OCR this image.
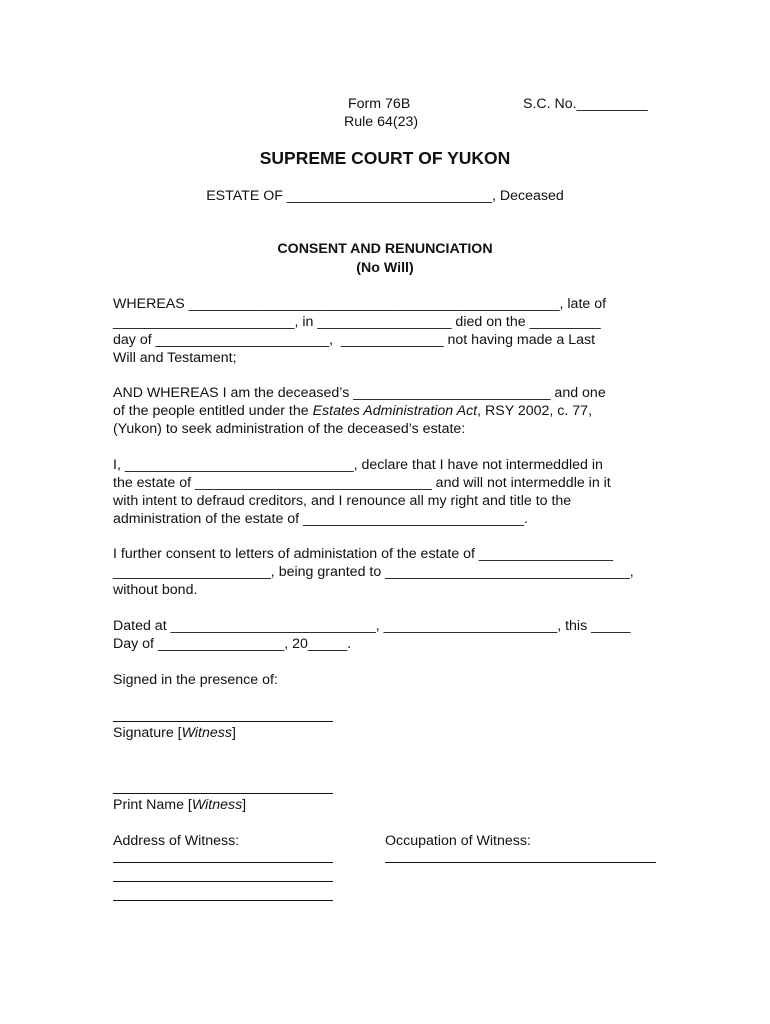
Form 76B
Rule 64(23)
S.C. No._________
SUPREME COURT OF YUKON
ESTATE OF __________________________, Deceased
CONSENT AND RENUNCIATION
(No Will)
WHEREAS _______________________________________________, late of
_______________________, in _________________ died on the _________
day of ______________________,  _____________ not having made a Last
Will and Testament;
AND WHEREAS I am the deceased’s _________________________ and one
of the people entitled under the Estates Administration Act, RSY 2002, c. 77,
(Yukon) to seek administration of the deceased’s estate:
I, _____________________________, declare that I have not intermeddled in
the estate of ______________________________ and will not intermeddle in it
with intent to defraud creditors, and I renounce all my right and title to the
administration of the estate of ____________________________.
I further consent to letters of administation of the estate of _________________
____________________, being granted to _______________________________,
without bond.
Dated at __________________________, ______________________, this _____
Day of ________________, 20_____.
Signed in the presence of:
Signature [Witness]
Print Name [Witness]
Address of Witness:	Occupation of Witness:
